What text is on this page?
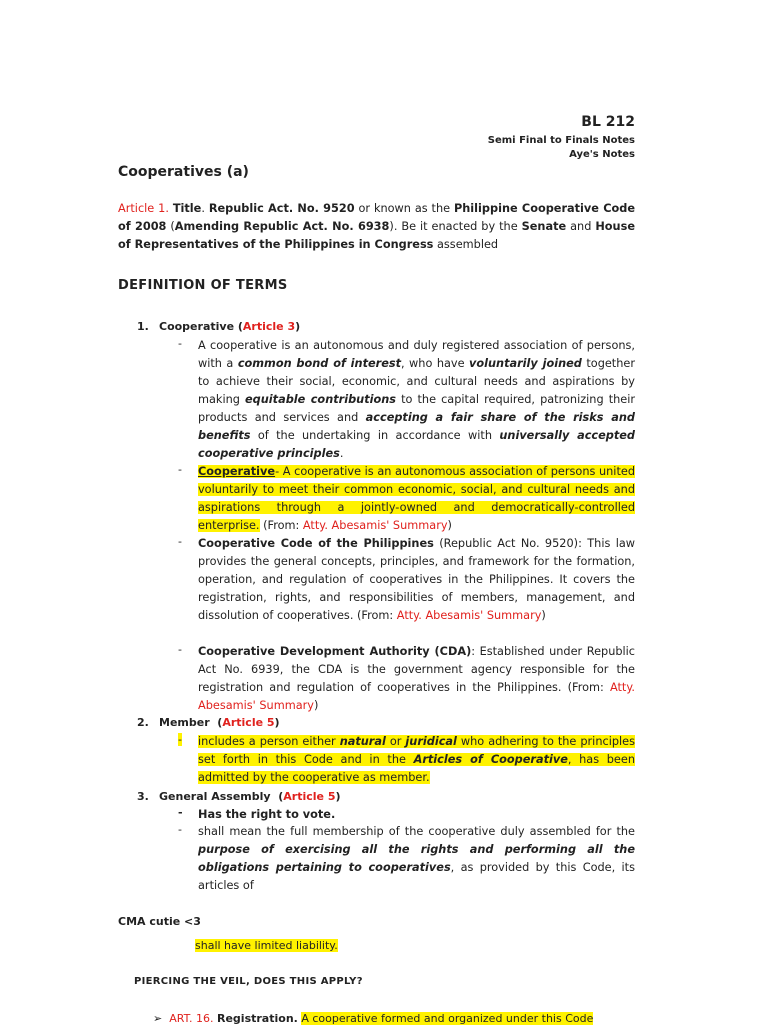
BL 212
Semi Final to Finals Notes
Aye's Notes
Cooperatives (a)

Article 1. Title. Republic Act. No. 9520 or known as the Philippine Cooperative Code of 2008 (Amending Republic Act. No. 6938). Be it enacted by the Senate and House of Representatives of the Philippines in Congress assembled

DEFINITION OF TERMS
1. Cooperative (Article 3)
- A cooperative is an autonomous and duly registered association of persons, with a common bond of interest, who have voluntarily joined together to achieve their social, economic, and cultural needs and aspirations by making equitable contributions to the capital required, patronizing their products and services and accepting a fair share of the risks and benefits of the undertaking in accordance with universally accepted cooperative principles.
- Cooperative- A cooperative is an autonomous association of persons united voluntarily to meet their common economic, social, and cultural needs and aspirations through a jointly-owned and democratically-controlled enterprise. (From: Atty. Abesamis' Summary)
- Cooperative Code of the Philippines (Republic Act No. 9520): This law provides the general concepts, principles, and framework for the formation, operation, and regulation of cooperatives in the Philippines. It covers the registration, rights, and responsibilities of members, management, and dissolution of cooperatives. (From: Atty. Abesamis' Summary)
- Cooperative Development Authority (CDA): Established under Republic Act No. 6939, the CDA is the government agency responsible for the registration and regulation of cooperatives in the Philippines. (From: Atty. Abesamis' Summary)
2. Member  (Article 5)
- includes a person either natural or juridical who adhering to the principles set forth in this Code and in the Articles of Cooperative, has been admitted by the cooperative as member.
3. General Assembly  (Article 5)
- Has the right to vote.
- shall mean the full membership of the cooperative duly assembled for the purpose of exercising all the rights and performing all the obligations pertaining to cooperatives, as provided by this Code, its articles of
CMA cutie <3
shall have limited liability.
PIERCING THE VEIL, DOES THIS APPLY?
➢ ART. 16. Registration. A cooperative formed and organized under this Code
